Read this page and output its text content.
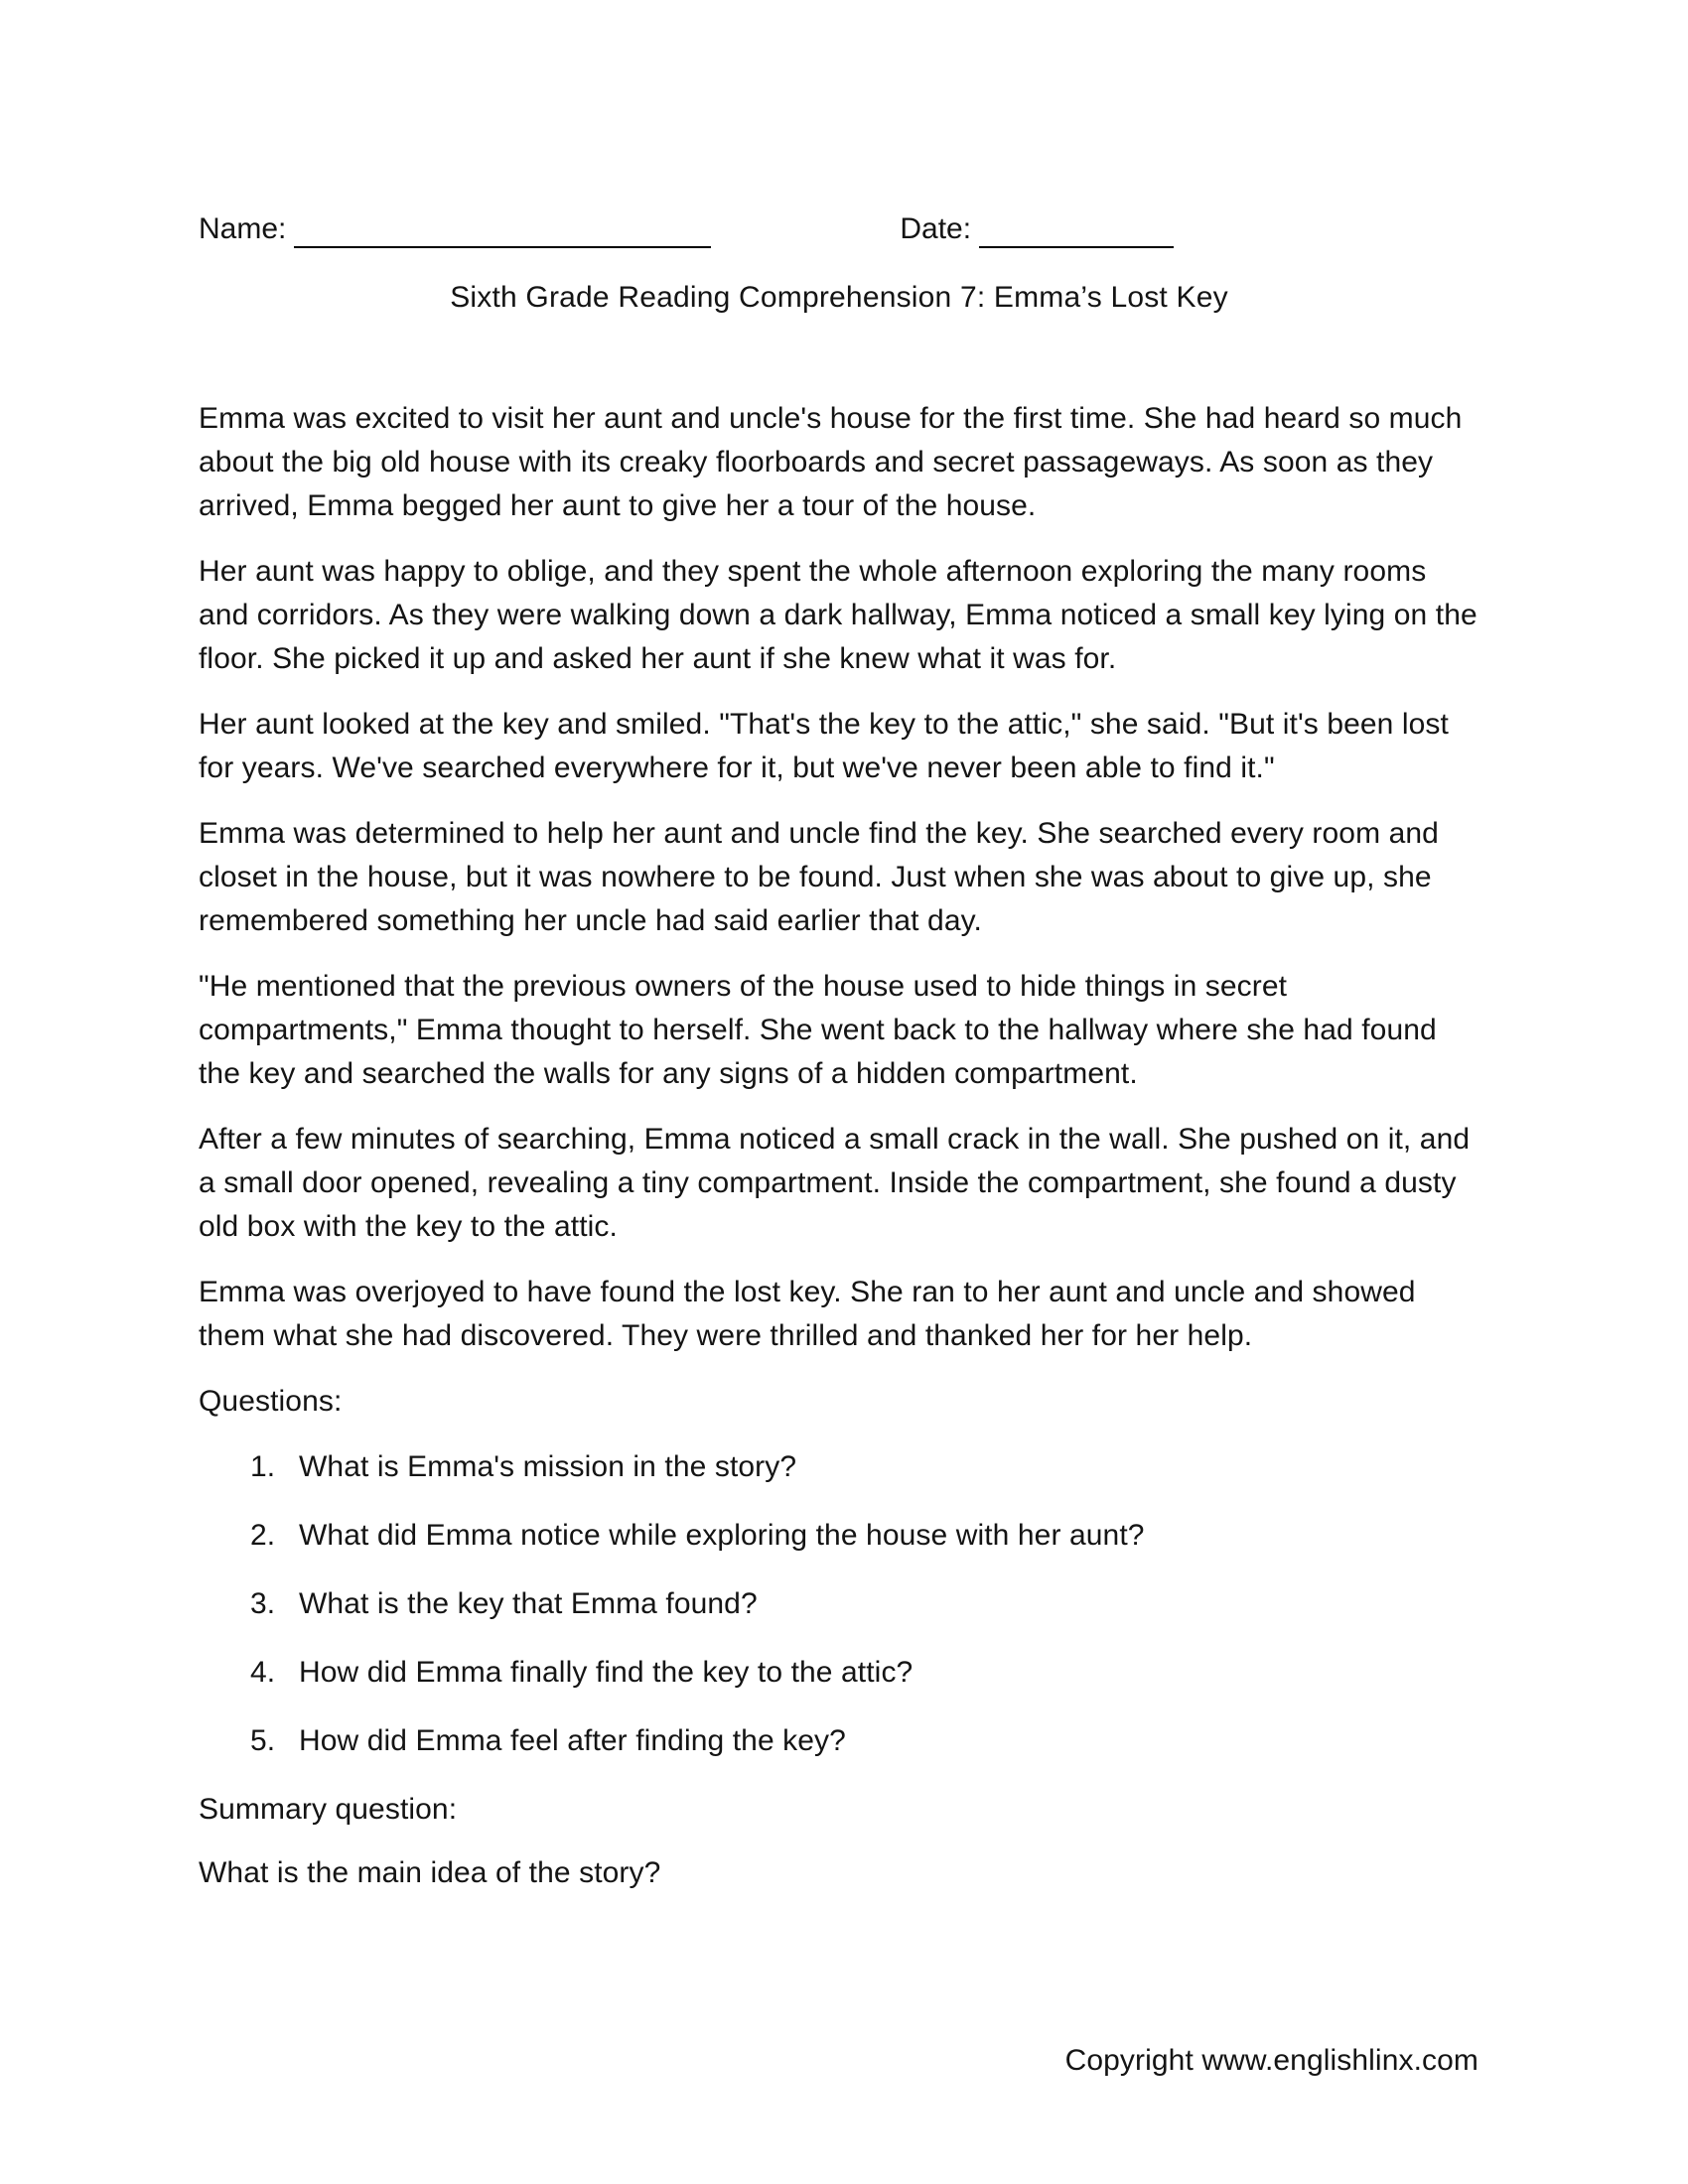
Name:	Date:
Sixth Grade Reading Comprehension 7: Emma’s Lost Key

Emma was excited to visit her aunt and uncle's house for the first time. She had heard so much about the big old house with its creaky floorboards and secret passageways. As soon as they arrived, Emma begged her aunt to give her a tour of the house.

Her aunt was happy to oblige, and they spent the whole afternoon exploring the many rooms and corridors. As they were walking down a dark hallway, Emma noticed a small key lying on the floor. She picked it up and asked her aunt if she knew what it was for.

Her aunt looked at the key and smiled. "That's the key to the attic," she said. "But it's been lost for years. We've searched everywhere for it, but we've never been able to find it."

Emma was determined to help her aunt and uncle find the key. She searched every room and closet in the house, but it was nowhere to be found. Just when she was about to give up, she remembered something her uncle had said earlier that day.

"He mentioned that the previous owners of the house used to hide things in secret compartments," Emma thought to herself. She went back to the hallway where she had found the key and searched the walls for any signs of a hidden compartment.

After a few minutes of searching, Emma noticed a small crack in the wall. She pushed on it, and a small door opened, revealing a tiny compartment. Inside the compartment, she found a dusty old box with the key to the attic.

Emma was overjoyed to have found the lost key. She ran to her aunt and uncle and showed them what she had discovered. They were thrilled and thanked her for her help.

Questions:

1. What is Emma's mission in the story?
2. What did Emma notice while exploring the house with her aunt?
3. What is the key that Emma found?
4. How did Emma finally find the key to the attic?
5. How did Emma feel after finding the key?

Summary question:

What is the main idea of the story?

Copyright www.englishlinx.com
